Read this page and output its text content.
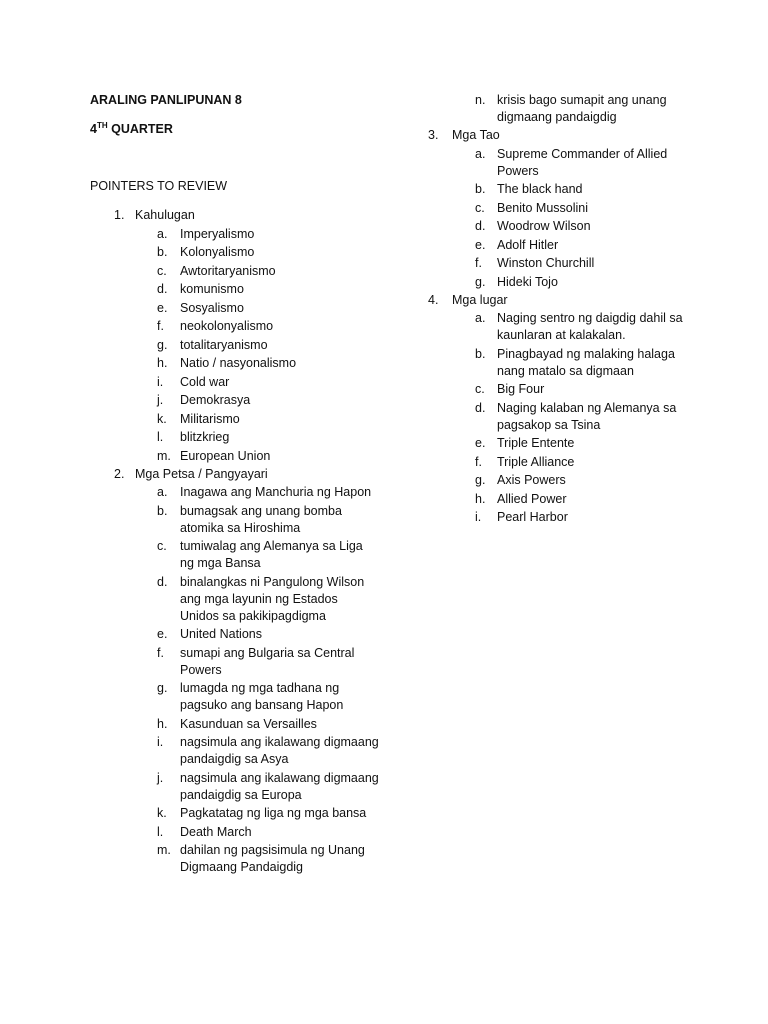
ARALING PANLIPUNAN 8
4TH QUARTER
POINTERS TO REVIEW
1. Kahulugan
a. Imperyalismo
b. Kolonyalismo
c. Awtoritaryanismo
d. komunismo
e. Sosyalismo
f. neokolonyalismo
g. totalitaryanismo
h. Natio / nasyonalismo
i. Cold war
j. Demokrasya
k. Militarismo
l. blitzkrieg
m. European Union
2. Mga Petsa / Pangyayari
a. Inagawa ang Manchuria ng Hapon
b. bumagsak ang unang bomba atomika sa Hiroshima
c. tumiwalag ang Alemanya sa Liga ng mga Bansa
d. binalangkas ni Pangulong Wilson ang mga layunin ng Estados Unidos sa pakikipagdigma
e. United Nations
f. sumapi ang Bulgaria sa Central Powers
g. lumagda ng mga tadhana ng pagsuko ang bansang Hapon
h. Kasunduan sa Versailles
i. nagsimula ang ikalawang digmaang pandaigdig sa Asya
j. nagsimula ang ikalawang digmaang pandaigdig sa Europa
k. Pagkatatag ng liga ng mga bansa
l. Death March
m. dahilan ng pagsisimula ng Unang Digmaang Pandaigdig
n. krisis bago sumapit ang unang digmaang pandaigdig
3. Mga Tao
a. Supreme Commander of Allied Powers
b. The black hand
c. Benito Mussolini
d. Woodrow Wilson
e. Adolf Hitler
f. Winston Churchill
g. Hideki Tojo
4. Mga lugar
a. Naging sentro ng daigdig dahil sa kaunlaran at kalakalan.
b. Pinagbayad ng malaking halaga nang matalo sa digmaan
c. Big Four
d. Naging kalaban ng Alemanya sa pagsakop sa Tsina
e. Triple Entente
f. Triple Alliance
g. Axis Powers
h. Allied Power
i. Pearl Harbor
